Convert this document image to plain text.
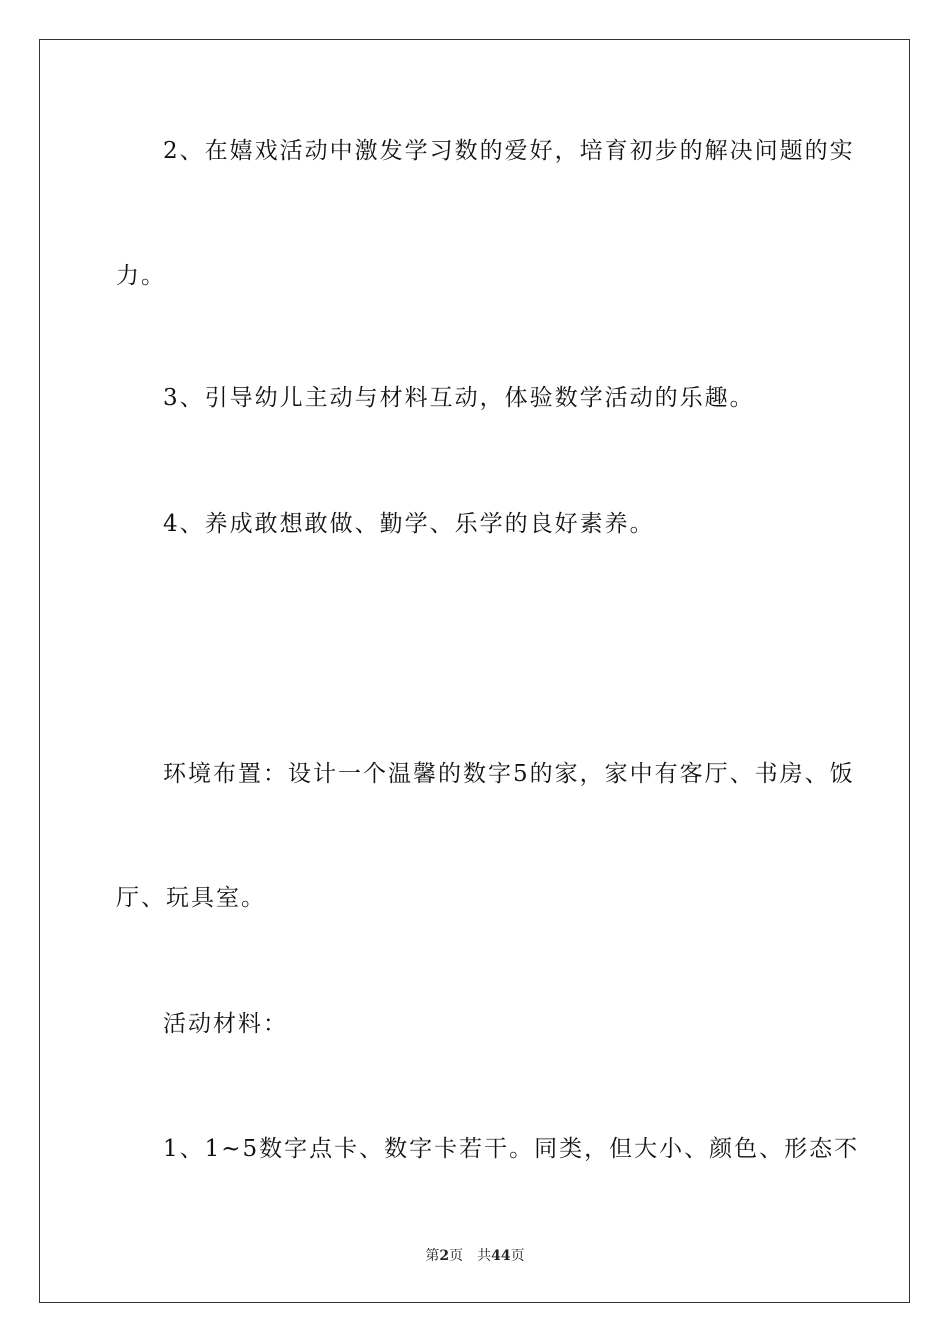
2、在嬉戏活动中激发学习数的爱好，培育初步的解决问题的实
力。
3、引导幼儿主动与材料互动，体验数学活动的乐趣。
4、养成敢想敢做、勤学、乐学的良好素养。
环境布置：设计一个温馨的数字5的家，家中有客厅、书房、饭
厅、玩具室。
活动材料：
1、1~5数字点卡、数字卡若干。同类，但大小、颜色、形态不
第2页 共44页
